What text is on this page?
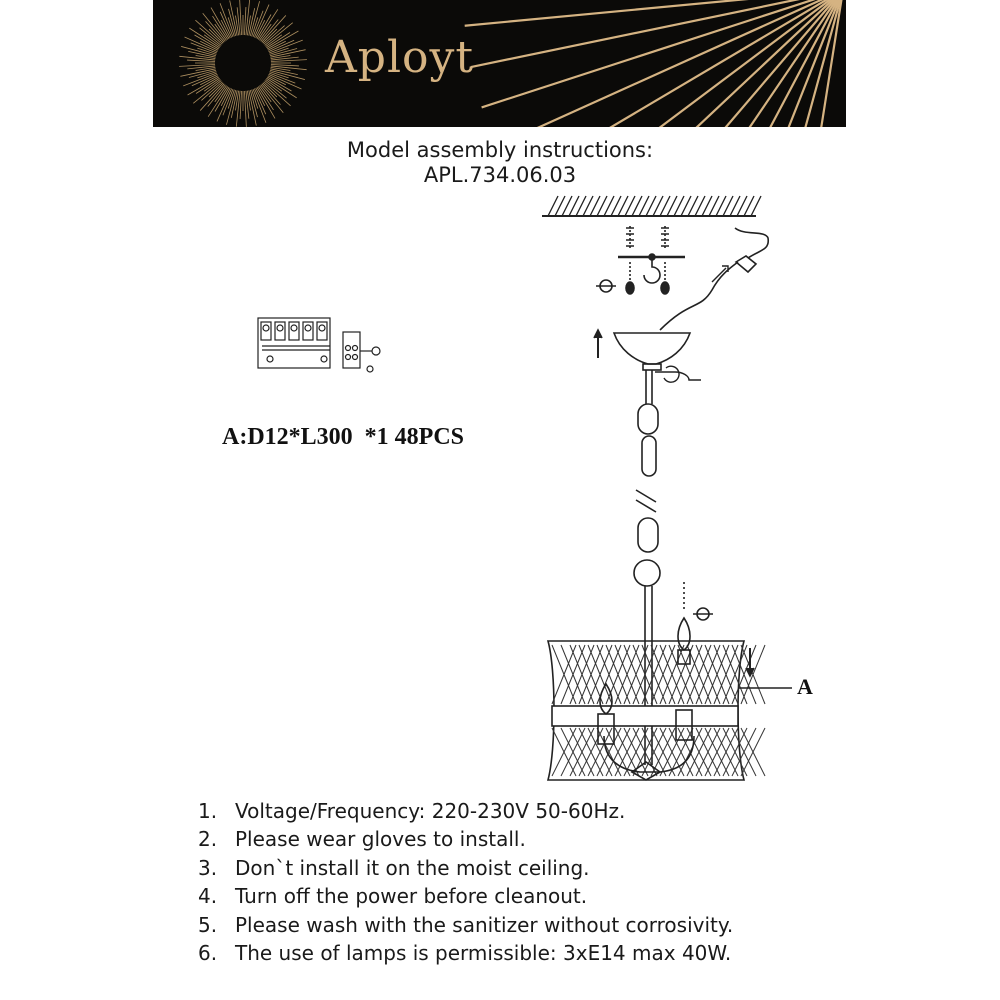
Aployt
Model assembly instructions:
APL.734.06.03
A:D12*L300  *1 48PCS
A
1. Voltage/Frequency: 220-230V 50-60Hz.
2. Please wear gloves to install.
3. Don`t install it on the moist ceiling.
4. Turn off the power before cleanout.
5. Please wash with the sanitizer without corrosivity.
6. The use of lamps is permissible: 3xE14 max 40W.
